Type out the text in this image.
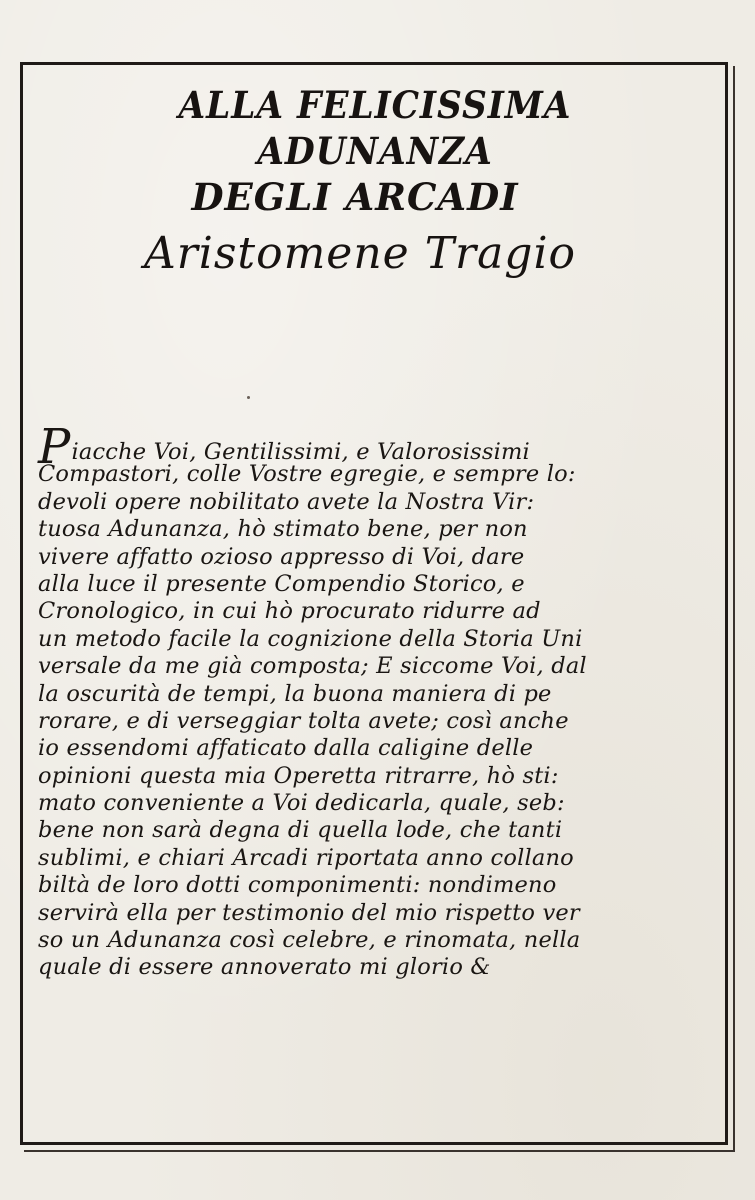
ALLA FELICISSIMA ADUNANZA
DEGLI ARCADI
Aristomene Tragio
Piacche Voi, Gentilissimi, e Valorosissimi
Compastori, colle Vostre egregie, e sempre lo:
devoli opere nobilitato avete la Nostra Vir:
tuosa Adunanza, hò stimato bene, per non
vivere affatto ozioso appresso di Voi, dare
alla luce il presente Compendio Storico, e
Cronologico, in cui hò procurato ridurre ad
un metodo facile la cognizione della Storia Uni
versale da me già composta; E siccome Voi, dal
la oscurità de tempi, la buona maniera di pe
rorare, e di verseggiar tolta avete; così anche
io essendomi affaticato dalla caligine delle
opinioni questa mia Operetta ritrarre, hò sti:
mato conveniente a Voi dedicarla, quale, seb:
bene non sarà degna di quella lode, che tanti
sublimi, e chiari Arcadi riportata anno collano
biltà de loro dotti componimenti: nondimeno
servirà ella per testimonio del mio rispetto ver
so un Adunanza così celebre, e rinomata, nella
quale di essere annoverato mi glorio &
